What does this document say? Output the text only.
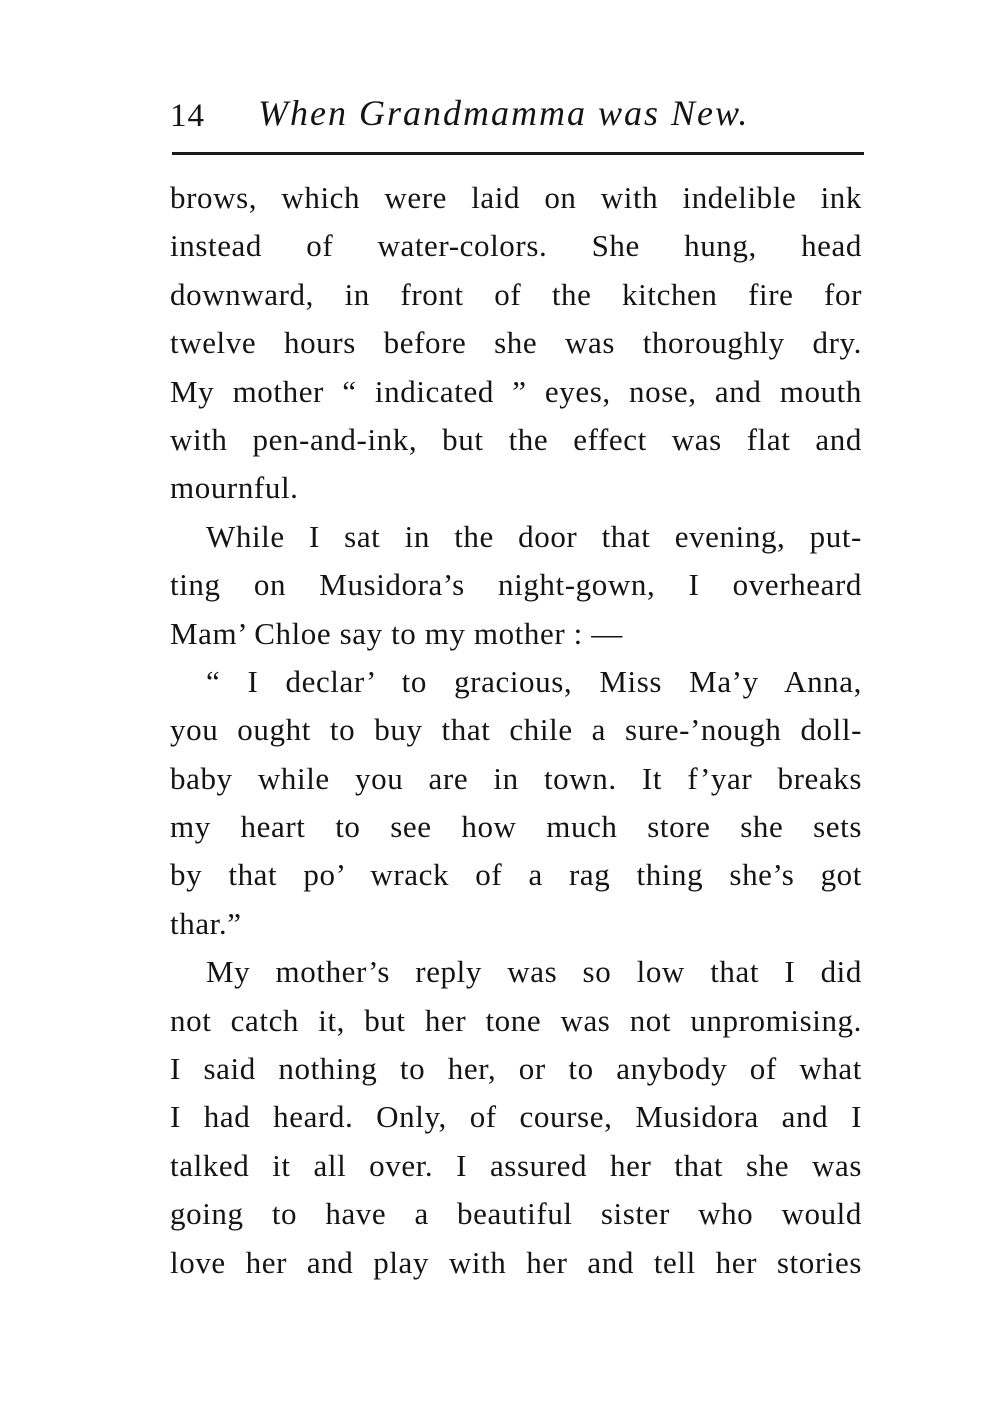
14 When Grandmamma was New.
brows, which were laid on with indelible ink
instead of water-colors. She hung, head
downward, in front of the kitchen fire for
twelve hours before she was thoroughly dry.
My mother “ indicated ” eyes, nose, and mouth
with pen-and-ink, but the effect was flat and
mournful.
While I sat in the door that evening, put-
ting on Musidora’s night-gown, I overheard
Mam’ Chloe say to my mother : —
“ I declar’ to gracious, Miss Ma’y Anna,
you ought to buy that chile a sure-’nough doll-
baby while you are in town. It f’yar breaks
my heart to see how much store she sets
by that po’ wrack of a rag thing she’s got
thar.”
My mother’s reply was so low that I did
not catch it, but her tone was not unpromising.
I said nothing to her, or to anybody of what
I had heard. Only, of course, Musidora and I
talked it all over. I assured her that she was
going to have a beautiful sister who would
love her and play with her and tell her stories
